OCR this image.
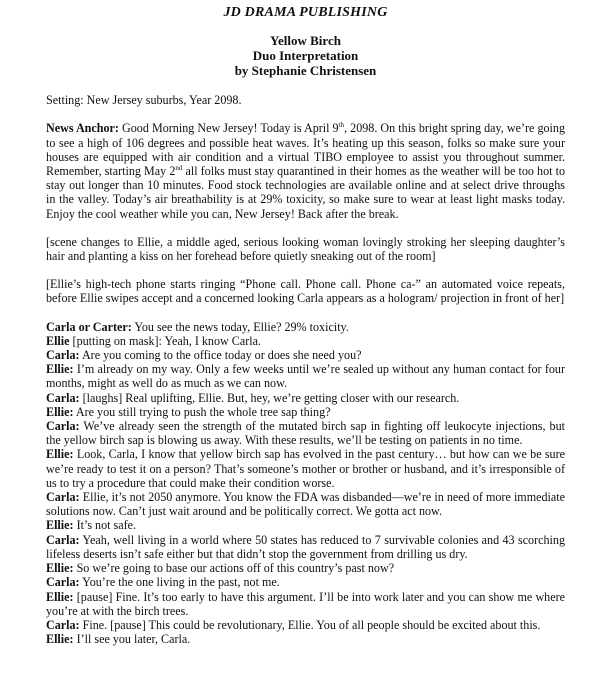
JD DRAMA PUBLISHING
Yellow Birch
Duo Interpretation
by Stephanie Christensen

Setting: New Jersey suburbs, Year 2098.

News Anchor: Good Morning New Jersey! Today is April 9th, 2098. On this bright spring day, we’re going to see a high of 106 degrees and possible heat waves. It’s heating up this season, folks so make sure your houses are equipped with air condition and a virtual TIBO employee to assist you throughout summer. Remember, starting May 2nd all folks must stay quarantined in their homes as the weather will be too hot to stay out longer than 10 minutes. Food stock technologies are available online and at select drive throughs in the valley. Today’s air breathability is at 29% toxicity, so make sure to wear at least light masks today. Enjoy the cool weather while you can, New Jersey! Back after the break.

[scene changes to Ellie, a middle aged, serious looking woman lovingly stroking her sleeping daughter’s hair and planting a kiss on her forehead before quietly sneaking out of the room]

[Ellie’s high-tech phone starts ringing “Phone call. Phone call. Phone ca-” an automated voice repeats, before Ellie swipes accept and a concerned looking Carla appears as a hologram/ projection in front of her]

Carla or Carter: You see the news today, Ellie? 29% toxicity.

Ellie [putting on mask]: Yeah, I know Carla.

Carla: Are you coming to the office today or does she need you?

Ellie: I’m already on my way. Only a few weeks until we’re sealed up without any human contact for four months, might as well do as much as we can now.

Carla: [laughs] Real uplifting, Ellie. But, hey, we’re getting closer with our research.

Ellie: Are you still trying to push the whole tree sap thing?

Carla: We’ve already seen the strength of the mutated birch sap in fighting off leukocyte injections, but the yellow birch sap is blowing us away. With these results, we’ll be testing on patients in no time.

Ellie: Look, Carla, I know that yellow birch sap has evolved in the past century… but how can we be sure we’re ready to test it on a person? That’s someone’s mother or brother or husband, and it’s irresponsible of us to try a procedure that could make their condition worse.

Carla: Ellie, it’s not 2050 anymore. You know the FDA was disbanded—we’re in need of more immediate solutions now. Can’t just wait around and be politically correct. We gotta act now.

Ellie: It’s not safe.

Carla: Yeah, well living in a world where 50 states has reduced to 7 survivable colonies and 43 scorching lifeless deserts isn’t safe either but that didn’t stop the government from drilling us dry.

Ellie: So we’re going to base our actions off of this country’s past now?

Carla: You’re the one living in the past, not me.

Ellie: [pause] Fine. It’s too early to have this argument. I’ll be into work later and you can show me where you’re at with the birch trees.

Carla: Fine. [pause] This could be revolutionary, Ellie. You of all people should be excited about this.

Ellie: I’ll see you later, Carla.
